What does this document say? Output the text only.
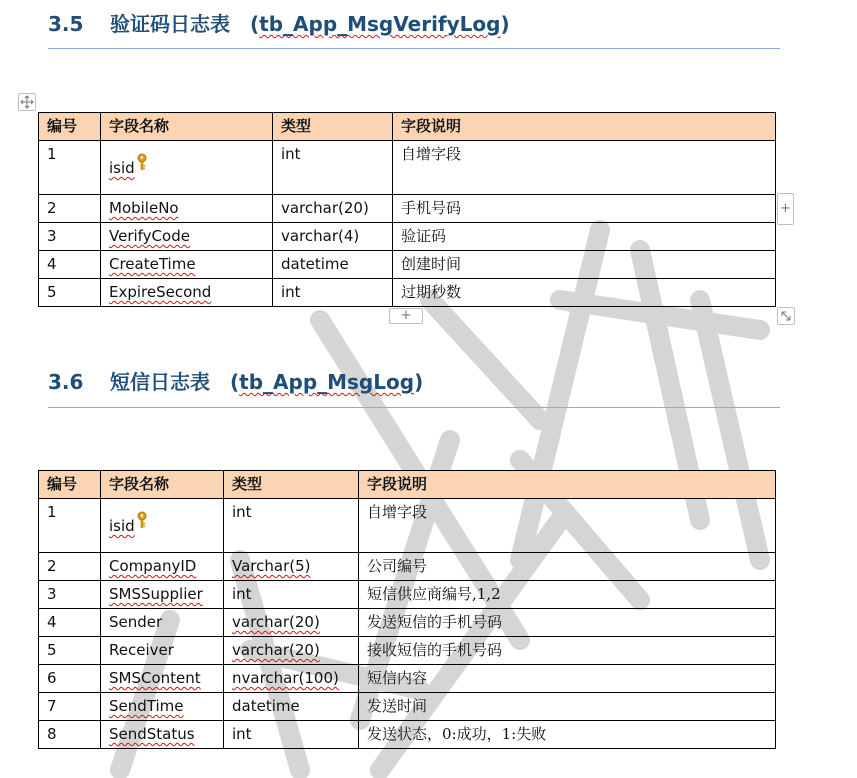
3.5 验证码日志表 (tb_App_MsgVerifyLog)
编号	字段名称	类型	字段说明
1	isid	int	自增字段
2	MobileNo	varchar(20)	手机号码
3	VerifyCode	varchar(4)	验证码
4	CreateTime	datetime	创建时间
5	ExpireSecond	int	过期秒数
+
+
3.6 短信日志表 (tb_App_MsgLog)
编号	字段名称	类型	字段说明
1	isid	int	自增字段
2	CompanyID	Varchar(5)	公司编号
3	SMSSupplier	int	短信供应商编号,1,2
4	Sender	varchar(20)	发送短信的手机号码
5	Receiver	varchar(20)	接收短信的手机号码
6	SMSContent	nvarchar(100)	短信内容
7	SendTime	datetime	发送时间
8	SendStatus	int	发送状态，0:成功，1:失败
